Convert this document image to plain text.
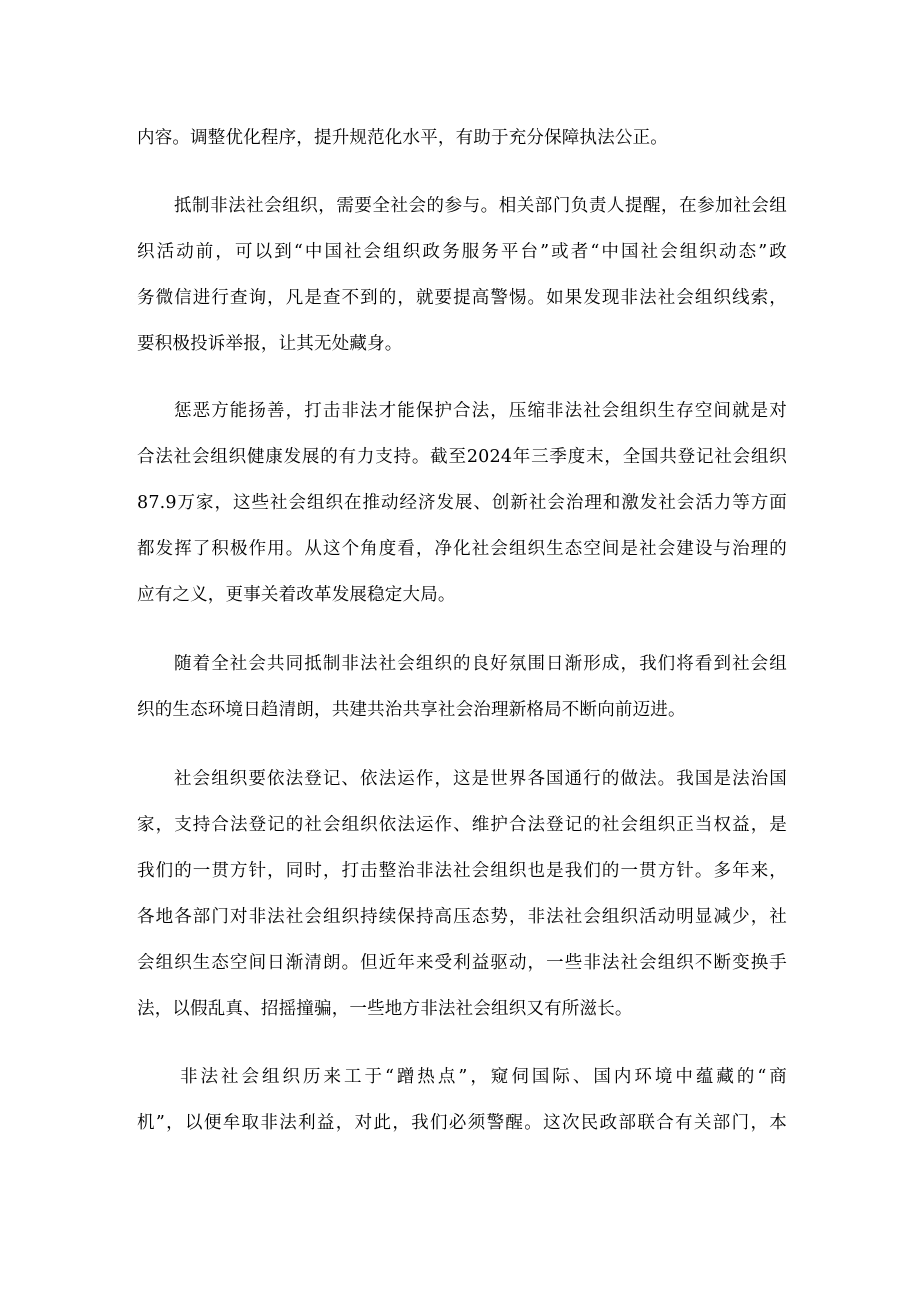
内容。调整优化程序，提升规范化水平，有助于充分保障执法公正。
抵制非法社会组织，需要全社会的参与。相关部门负责人提醒，在参加社会组
织活动前，可以到“中国社会组织政务服务平台”或者“中国社会组织动态”政
务微信进行查询，凡是查不到的，就要提高警惕。如果发现非法社会组织线索，
要积极投诉举报，让其无处藏身。
惩恶方能扬善，打击非法才能保护合法，压缩非法社会组织生存空间就是对
合法社会组织健康发展的有力支持。截至2024年三季度末，全国共登记社会组织
87.9万家，这些社会组织在推动经济发展、创新社会治理和激发社会活力等方面
都发挥了积极作用。从这个角度看，净化社会组织生态空间是社会建设与治理的
应有之义，更事关着改革发展稳定大局。
随着全社会共同抵制非法社会组织的良好氛围日渐形成，我们将看到社会组
织的生态环境日趋清朗，共建共治共享社会治理新格局不断向前迈进。
社会组织要依法登记、依法运作，这是世界各国通行的做法。我国是法治国
家，支持合法登记的社会组织依法运作、维护合法登记的社会组织正当权益，是
我们的一贯方针，同时，打击整治非法社会组织也是我们的一贯方针。多年来，
各地各部门对非法社会组织持续保持高压态势，非法社会组织活动明显减少，社
会组织生态空间日渐清朗。但近年来受利益驱动，一些非法社会组织不断变换手
法，以假乱真、招摇撞骗，一些地方非法社会组织又有所滋长。
非法社会组织历来工于“蹭热点”，窥伺国际、国内环境中蕴藏的“商
机”，以便牟取非法利益，对此，我们必须警醒。这次民政部联合有关部门，本
